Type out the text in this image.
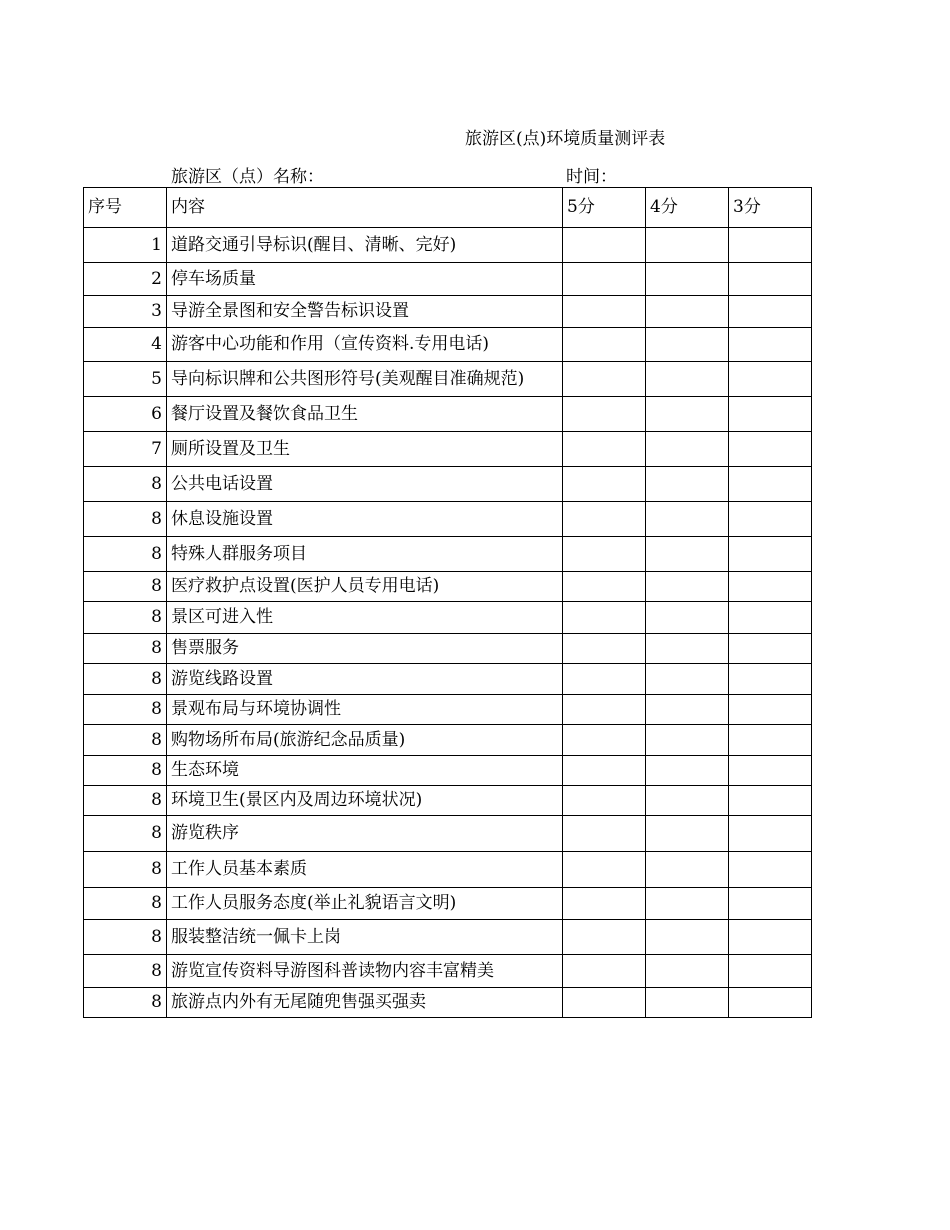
旅游区(点)环境质量测评表
旅游区（点）名称：	时间：
序号	内容	5分	4分	3分
1	道路交通引导标识(醒目、清晰、完好)			
2	停车场质量			
3	导游全景图和安全警告标识设置			
4	游客中心功能和作用（宣传资料.专用电话)			
5	导向标识牌和公共图形符号(美观醒目准确规范)			
6	餐厅设置及餐饮食品卫生			
7	厕所设置及卫生			
8	公共电话设置			
8	休息设施设置			
8	特殊人群服务项目			
8	医疗救护点设置(医护人员专用电话)			
8	景区可进入性			
8	售票服务			
8	游览线路设置			
8	景观布局与环境协调性			
8	购物场所布局(旅游纪念品质量)			
8	生态环境			
8	环境卫生(景区内及周边环境状况)			
8	游览秩序			
8	工作人员基本素质			
8	工作人员服务态度(举止礼貌语言文明)			
8	服装整洁统一佩卡上岗			
8	游览宣传资料导游图科普读物内容丰富精美			
8	旅游点内外有无尾随兜售强买强卖			
